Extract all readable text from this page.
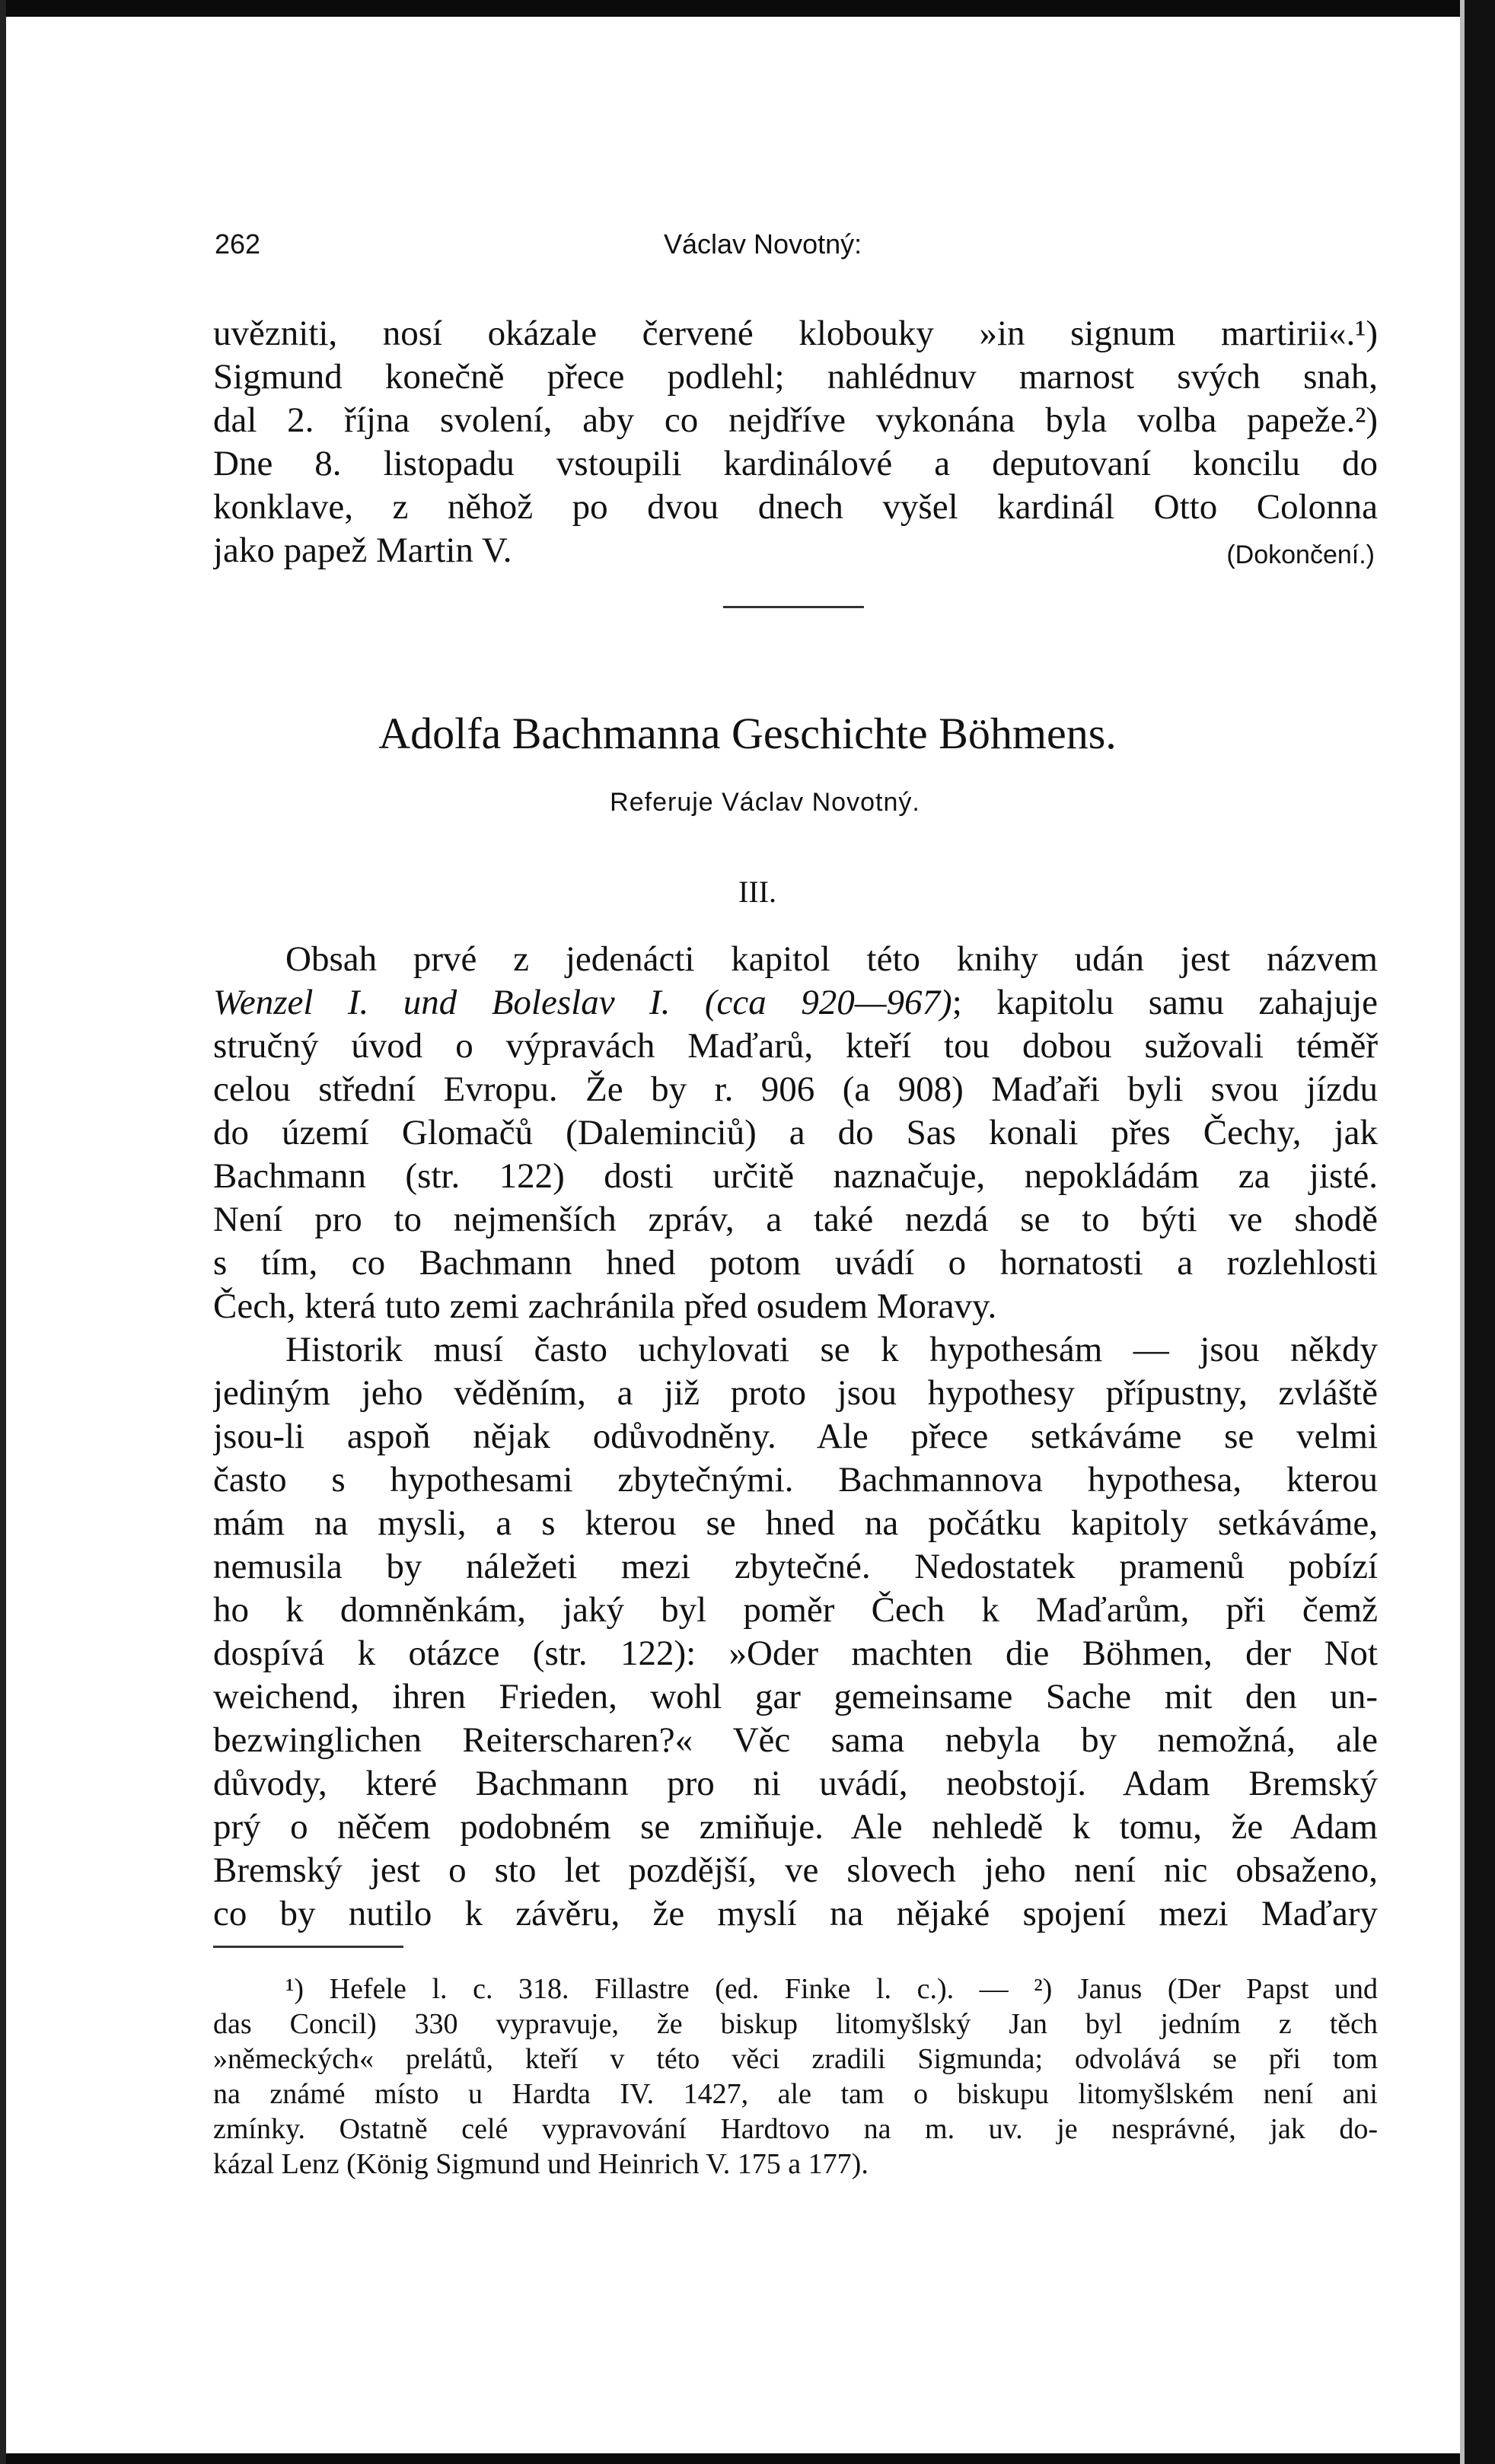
262	Václav Novotný:
uvězniti, nosí okázale červené klobouky »in signum martirii«.¹)
Sigmund konečně přece podlehl; nahlédnuv marnost svých snah,
dal 2. října svolení, aby co nejdříve vykonána byla volba papeže.²)
Dne 8. listopadu vstoupili kardinálové a deputovaní koncilu do
konklave, z něhož po dvou dnech vyšel kardinál Otto Colonna
jako papež Martin V.	(Dokončení.)
Adolfa Bachmanna Geschichte Böhmens.
Referuje Václav Novotný.
III.
Obsah prvé z jedenácti kapitol této knihy udán jest názvem
Wenzel I. und Boleslav I. (cca 920—967); kapitolu samu zahajuje
stručný úvod o výpravách Maďarů, kteří tou dobou sužovali téměř
celou střední Evropu. Že by r. 906 (a 908) Maďaři byli svou jízdu
do území Glomačů (Daleminciů) a do Sas konali přes Čechy, jak
Bachmann (str. 122) dosti určitě naznačuje, nepokládám za jisté.
Není pro to nejmenších zpráv, a také nezdá se to býti ve shodě
s tím, co Bachmann hned potom uvádí o hornatosti a rozlehlosti
Čech, která tuto zemi zachránila před osudem Moravy.
Historik musí často uchylovati se k hypothesám — jsou někdy
jediným jeho věděním, a již proto jsou hypothesy přípustny, zvláště
jsou-li aspoň nějak odůvodněny. Ale přece setkáváme se velmi
často s hypothesami zbytečnými. Bachmannova hypothesa, kterou
mám na mysli, a s kterou se hned na počátku kapitoly setkáváme,
nemusila by náležeti mezi zbytečné. Nedostatek pramenů pobízí
ho k domněnkám, jaký byl poměr Čech k Maďarům, při čemž
dospívá k otázce (str. 122): »Oder machten die Böhmen, der Not
weichend, ihren Frieden, wohl gar gemeinsame Sache mit den un-
bezwinglichen Reiterscharen?« Věc sama nebyla by nemožná, ale
důvody, které Bachmann pro ni uvádí, neobstojí. Adam Bremský
prý o něčem podobném se zmiňuje. Ale nehledě k tomu, že Adam
Bremský jest o sto let pozdější, ve slovech jeho není nic obsaženo,
co by nutilo k závěru, že myslí na nějaké spojení mezi Maďary
¹) Hefele l. c. 318. Fillastre (ed. Finke l. c.). — ²) Janus (Der Papst und
das Concil) 330 vypravuje, že biskup litomyšlský Jan byl jedním z těch
»německých« prelátů, kteří v této věci zradili Sigmunda; odvolává se při tom
na známé místo u Hardta IV. 1427, ale tam o biskupu litomyšlském není ani
zmínky. Ostatně celé vypravování Hardtovo na m. uv. je nesprávné, jak do-
kázal Lenz (König Sigmund und Heinrich V. 175 a 177).
